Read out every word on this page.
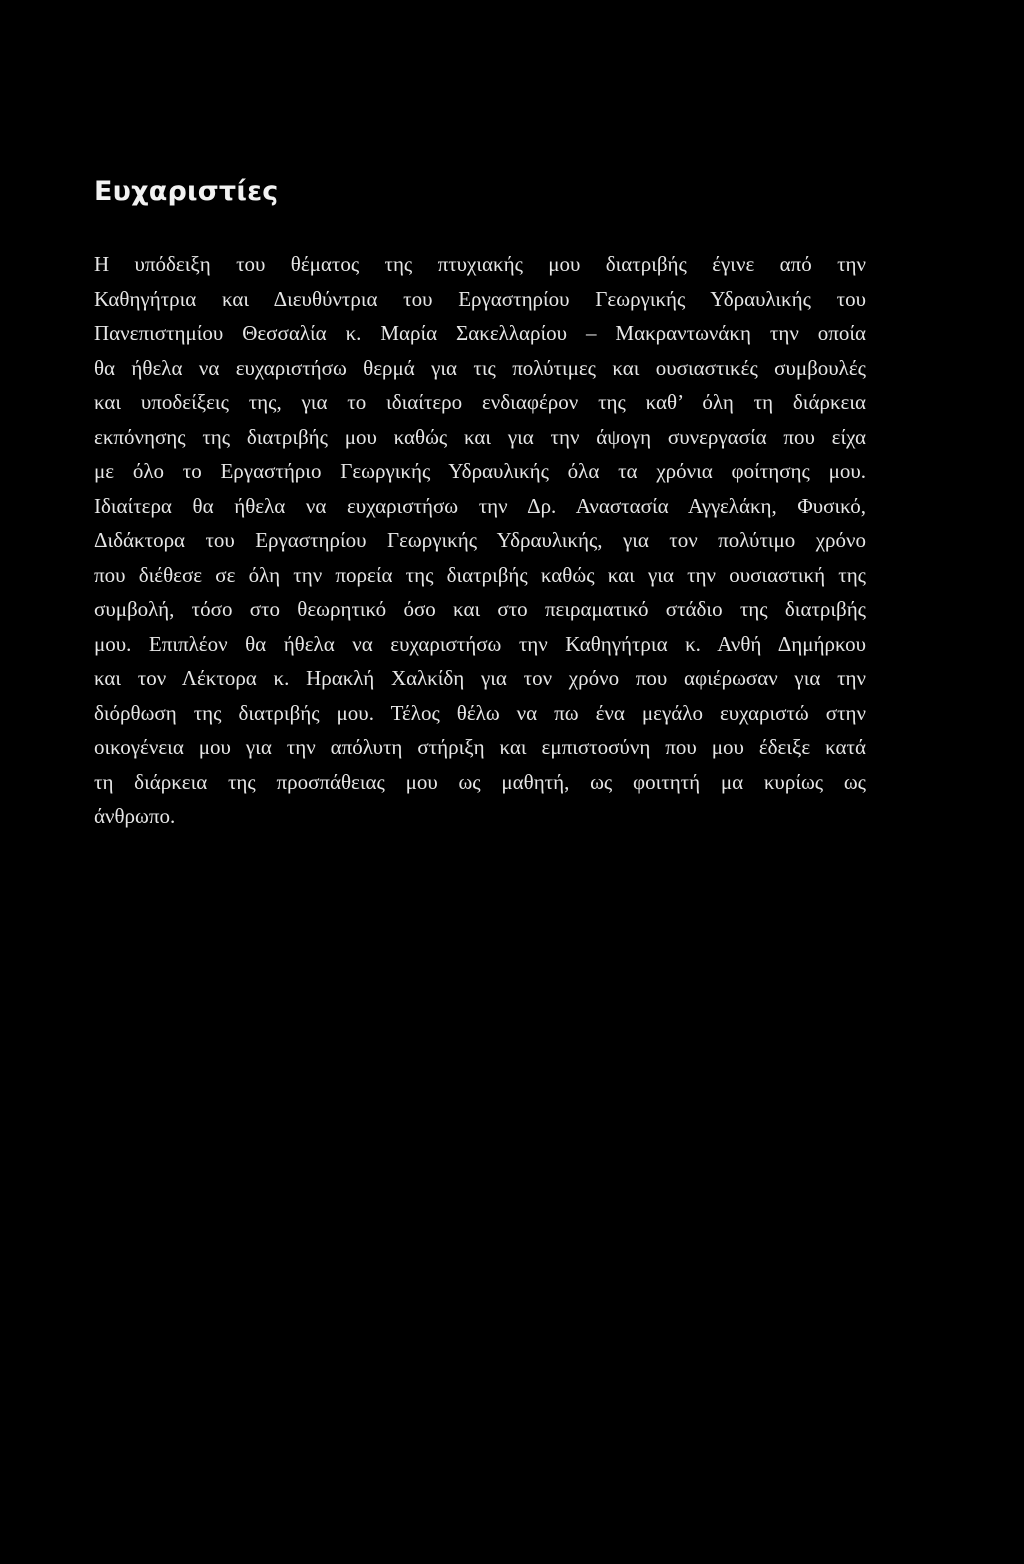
Ευχαριστίες
Η υπόδειξη του θέματος της πτυχιακής μου διατριβής έγινε από την
Καθηγήτρια και Διευθύντρια του Εργαστηρίου Γεωργικής Υδραυλικής του
Πανεπιστημίου Θεσσαλία κ. Μαρία Σακελλαρίου – Μακραντωνάκη την οποία
θα ήθελα να ευχαριστήσω θερμά για τις πολύτιμες και ουσιαστικές συμβουλές
και υποδείξεις της, για το ιδιαίτερο ενδιαφέρον της καθ’ όλη τη διάρκεια
εκπόνησης της διατριβής μου καθώς και για την άψογη συνεργασία που είχα
με όλο το Εργαστήριο Γεωργικής Υδραυλικής όλα τα χρόνια φοίτησης μου.
Ιδιαίτερα θα ήθελα να ευχαριστήσω την Δρ. Αναστασία Αγγελάκη, Φυσικό,
Διδάκτορα του Εργαστηρίου Γεωργικής Υδραυλικής, για τον πολύτιμο χρόνο
που διέθεσε σε όλη την πορεία της διατριβής καθώς και για την ουσιαστική της
συμβολή, τόσο στο θεωρητικό όσο και στο πειραματικό στάδιο της διατριβής
μου. Επιπλέον θα ήθελα να ευχαριστήσω την Καθηγήτρια κ. Ανθή Δημήρκου
και τον Λέκτορα κ. Ηρακλή Χαλκίδη για τον χρόνο που αφιέρωσαν για την
διόρθωση της διατριβής μου. Τέλος θέλω να πω ένα μεγάλο ευχαριστώ στην
οικογένεια μου για την απόλυτη στήριξη και εμπιστοσύνη που μου έδειξε κατά
τη διάρκεια της προσπάθειας μου ως μαθητή, ως φοιτητή μα κυρίως ως
άνθρωπο.
